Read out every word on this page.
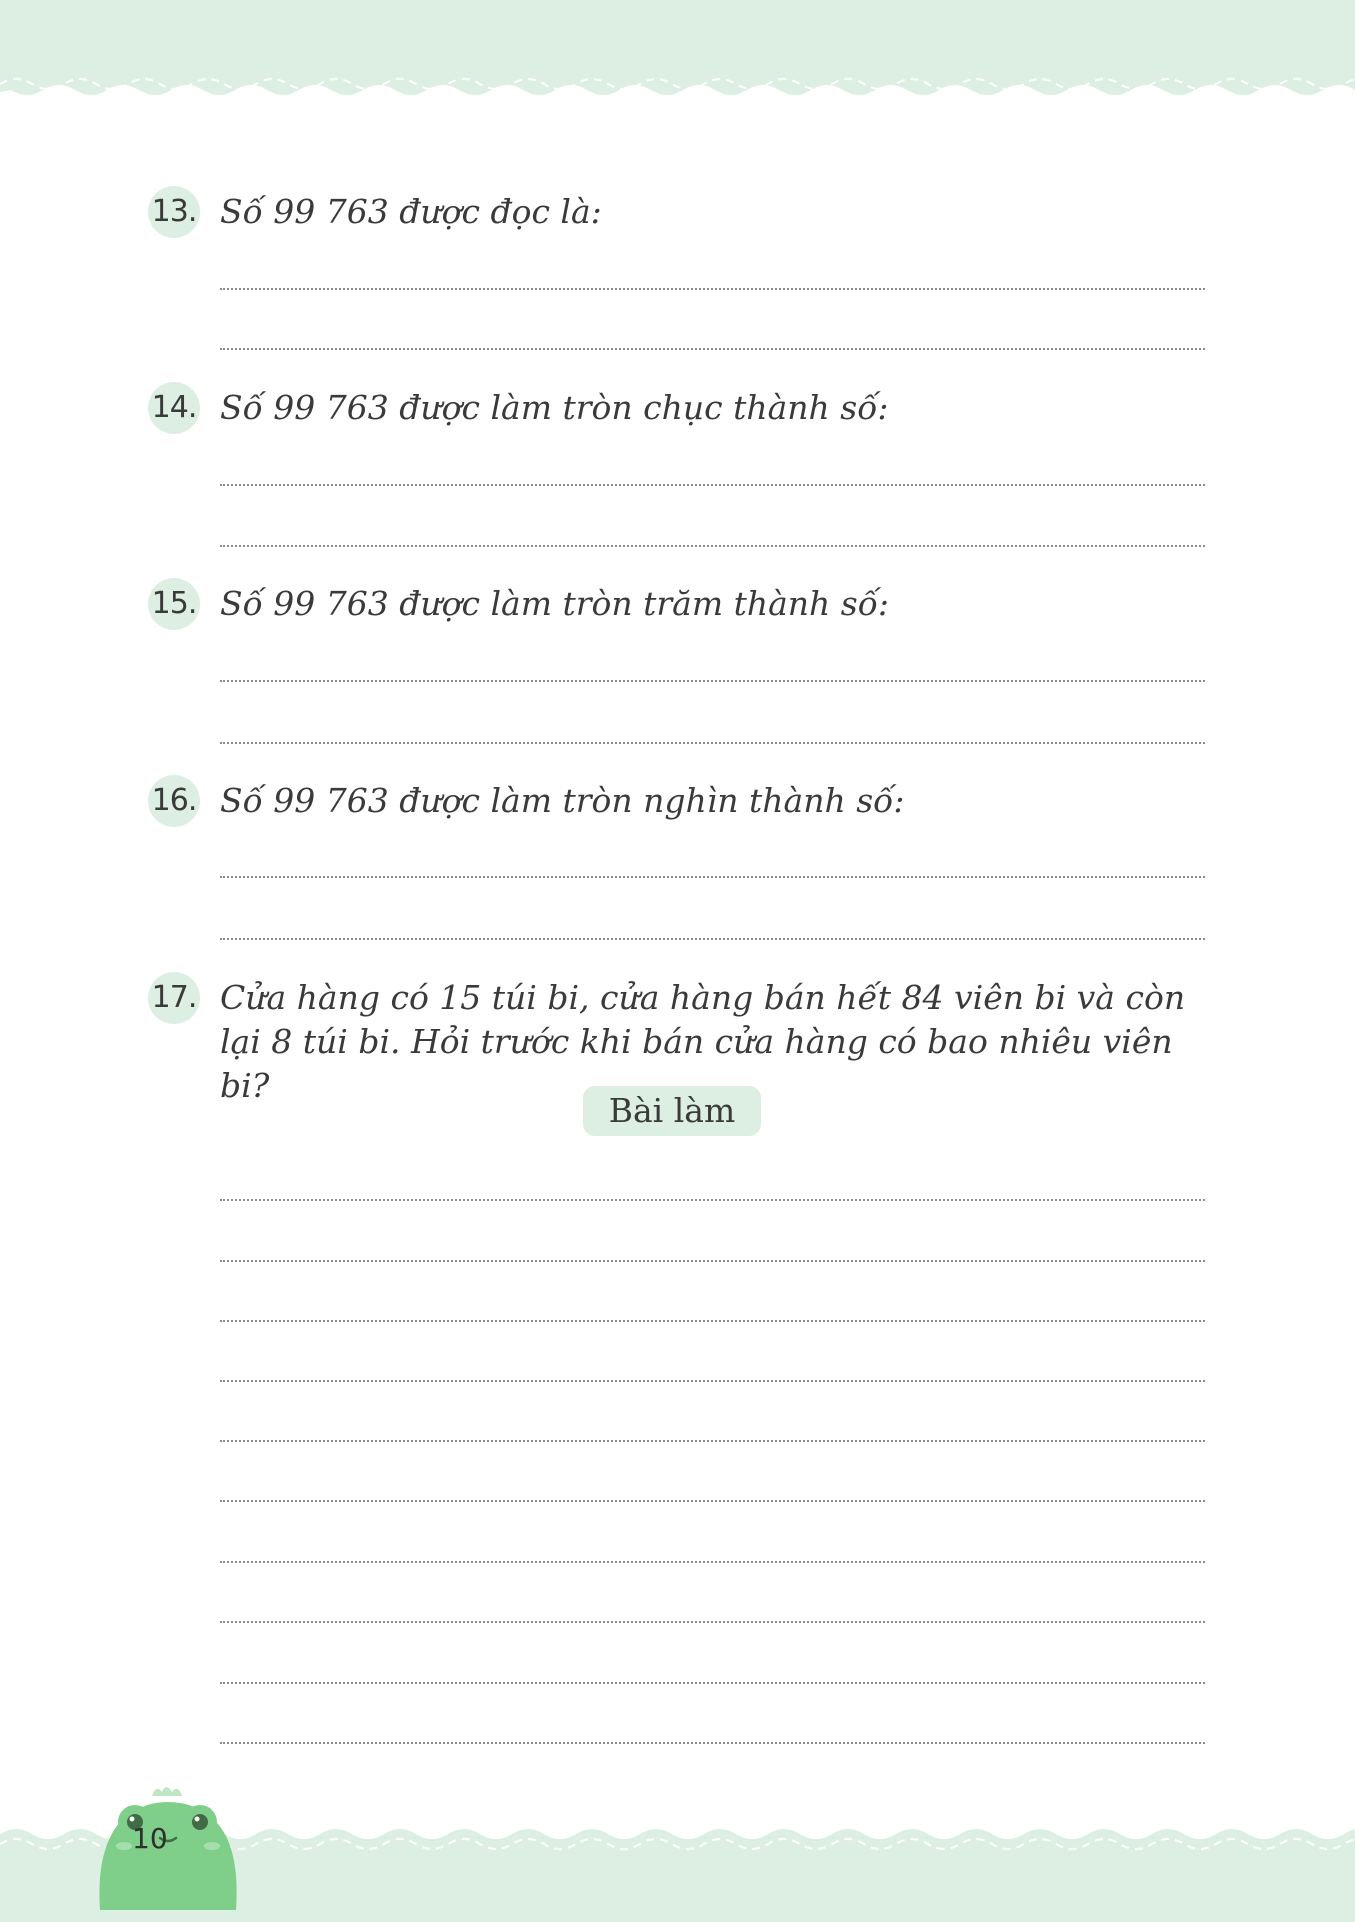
13. Số 99 763 được đọc là:
14. Số 99 763 được làm tròn chục thành số:
15. Số 99 763 được làm tròn trăm thành số:
16. Số 99 763 được làm tròn nghìn thành số:
17. Cửa hàng có 15 túi bi, cửa hàng bán hết 84 viên bi và còn lại 8 túi bi. Hỏi trước khi bán cửa hàng có bao nhiêu viên bi?
Bài làm
10
